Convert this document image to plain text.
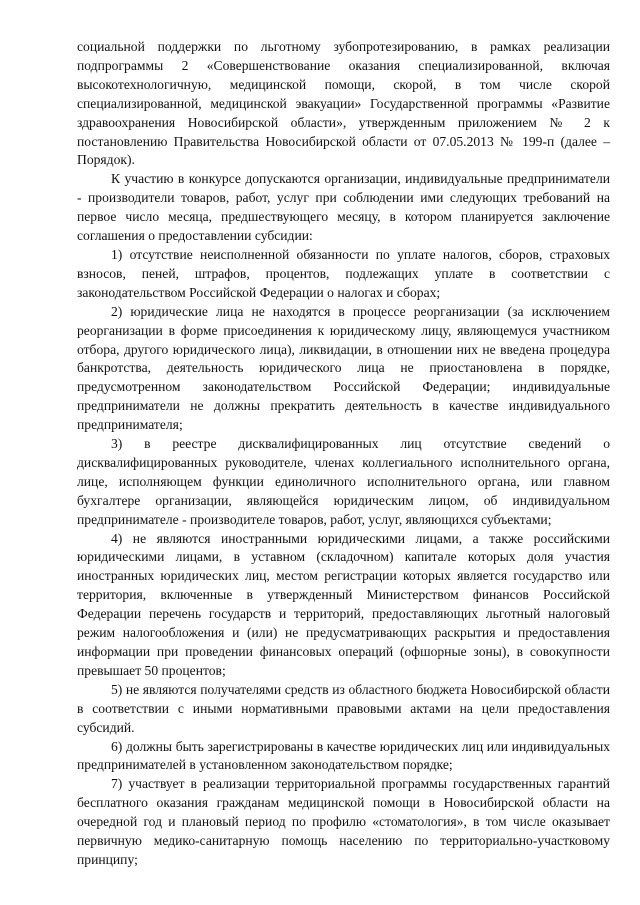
социальной поддержки по льготному зубопротезированию, в рамках реализации подпрограммы 2 «Совершенствование оказания специализированной, включая высокотехнологичную, медицинской помощи, скорой, в том числе скорой специализированной, медицинской эвакуации» Государственной программы «Развитие здравоохранения Новосибирской области», утвержденным приложением № 2 к постановлению Правительства Новосибирской области от 07.05.2013 № 199-п (далее – Порядок).

К участию в конкурсе допускаются организации, индивидуальные предприниматели - производители товаров, работ, услуг при соблюдении ими следующих требований на первое число месяца, предшествующего месяцу, в котором планируется заключение соглашения о предоставлении субсидии:

1) отсутствие неисполненной обязанности по уплате налогов, сборов, страховых взносов, пеней, штрафов, процентов, подлежащих уплате в соответствии с законодательством Российской Федерации о налогах и сборах;

2) юридические лица не находятся в процессе реорганизации (за исключением реорганизации в форме присоединения к юридическому лицу, являющемуся участником отбора, другого юридического лица), ликвидации, в отношении них не введена процедура банкротства, деятельность юридического лица не приостановлена в порядке, предусмотренном законодательством Российской Федерации; индивидуальные предприниматели не должны прекратить деятельность в качестве индивидуального предпринимателя;

3) в реестре дисквалифицированных лиц отсутствие сведений о дисквалифицированных руководителе, членах коллегиального исполнительного органа, лице, исполняющем функции единоличного исполнительного органа, или главном бухгалтере организации, являющейся юридическим лицом, об индивидуальном предпринимателе - производителе товаров, работ, услуг, являющихся субъектами;

4) не являются иностранными юридическими лицами, а также российскими юридическими лицами, в уставном (складочном) капитале которых доля участия иностранных юридических лиц, местом регистрации которых является государство или территория, включенные в утвержденный Министерством финансов Российской Федерации перечень государств и территорий, предоставляющих льготный налоговый режим налогообложения и (или) не предусматривающих раскрытия и предоставления информации при проведении финансовых операций (офшорные зоны), в совокупности превышает 50 процентов;

5) не являются получателями средств из областного бюджета Новосибирской области в соответствии с иными нормативными правовыми актами на цели предоставления субсидий.

6) должны быть зарегистрированы в качестве юридических лиц или индивидуальных предпринимателей в установленном законодательством порядке;

7) участвует в реализации территориальной программы государственных гарантий бесплатного оказания гражданам медицинской помощи в Новосибирской области на очередной год и плановый период по профилю «стоматология», в том числе оказывает первичную медико-санитарную помощь населению по территориально-участковому принципу;
